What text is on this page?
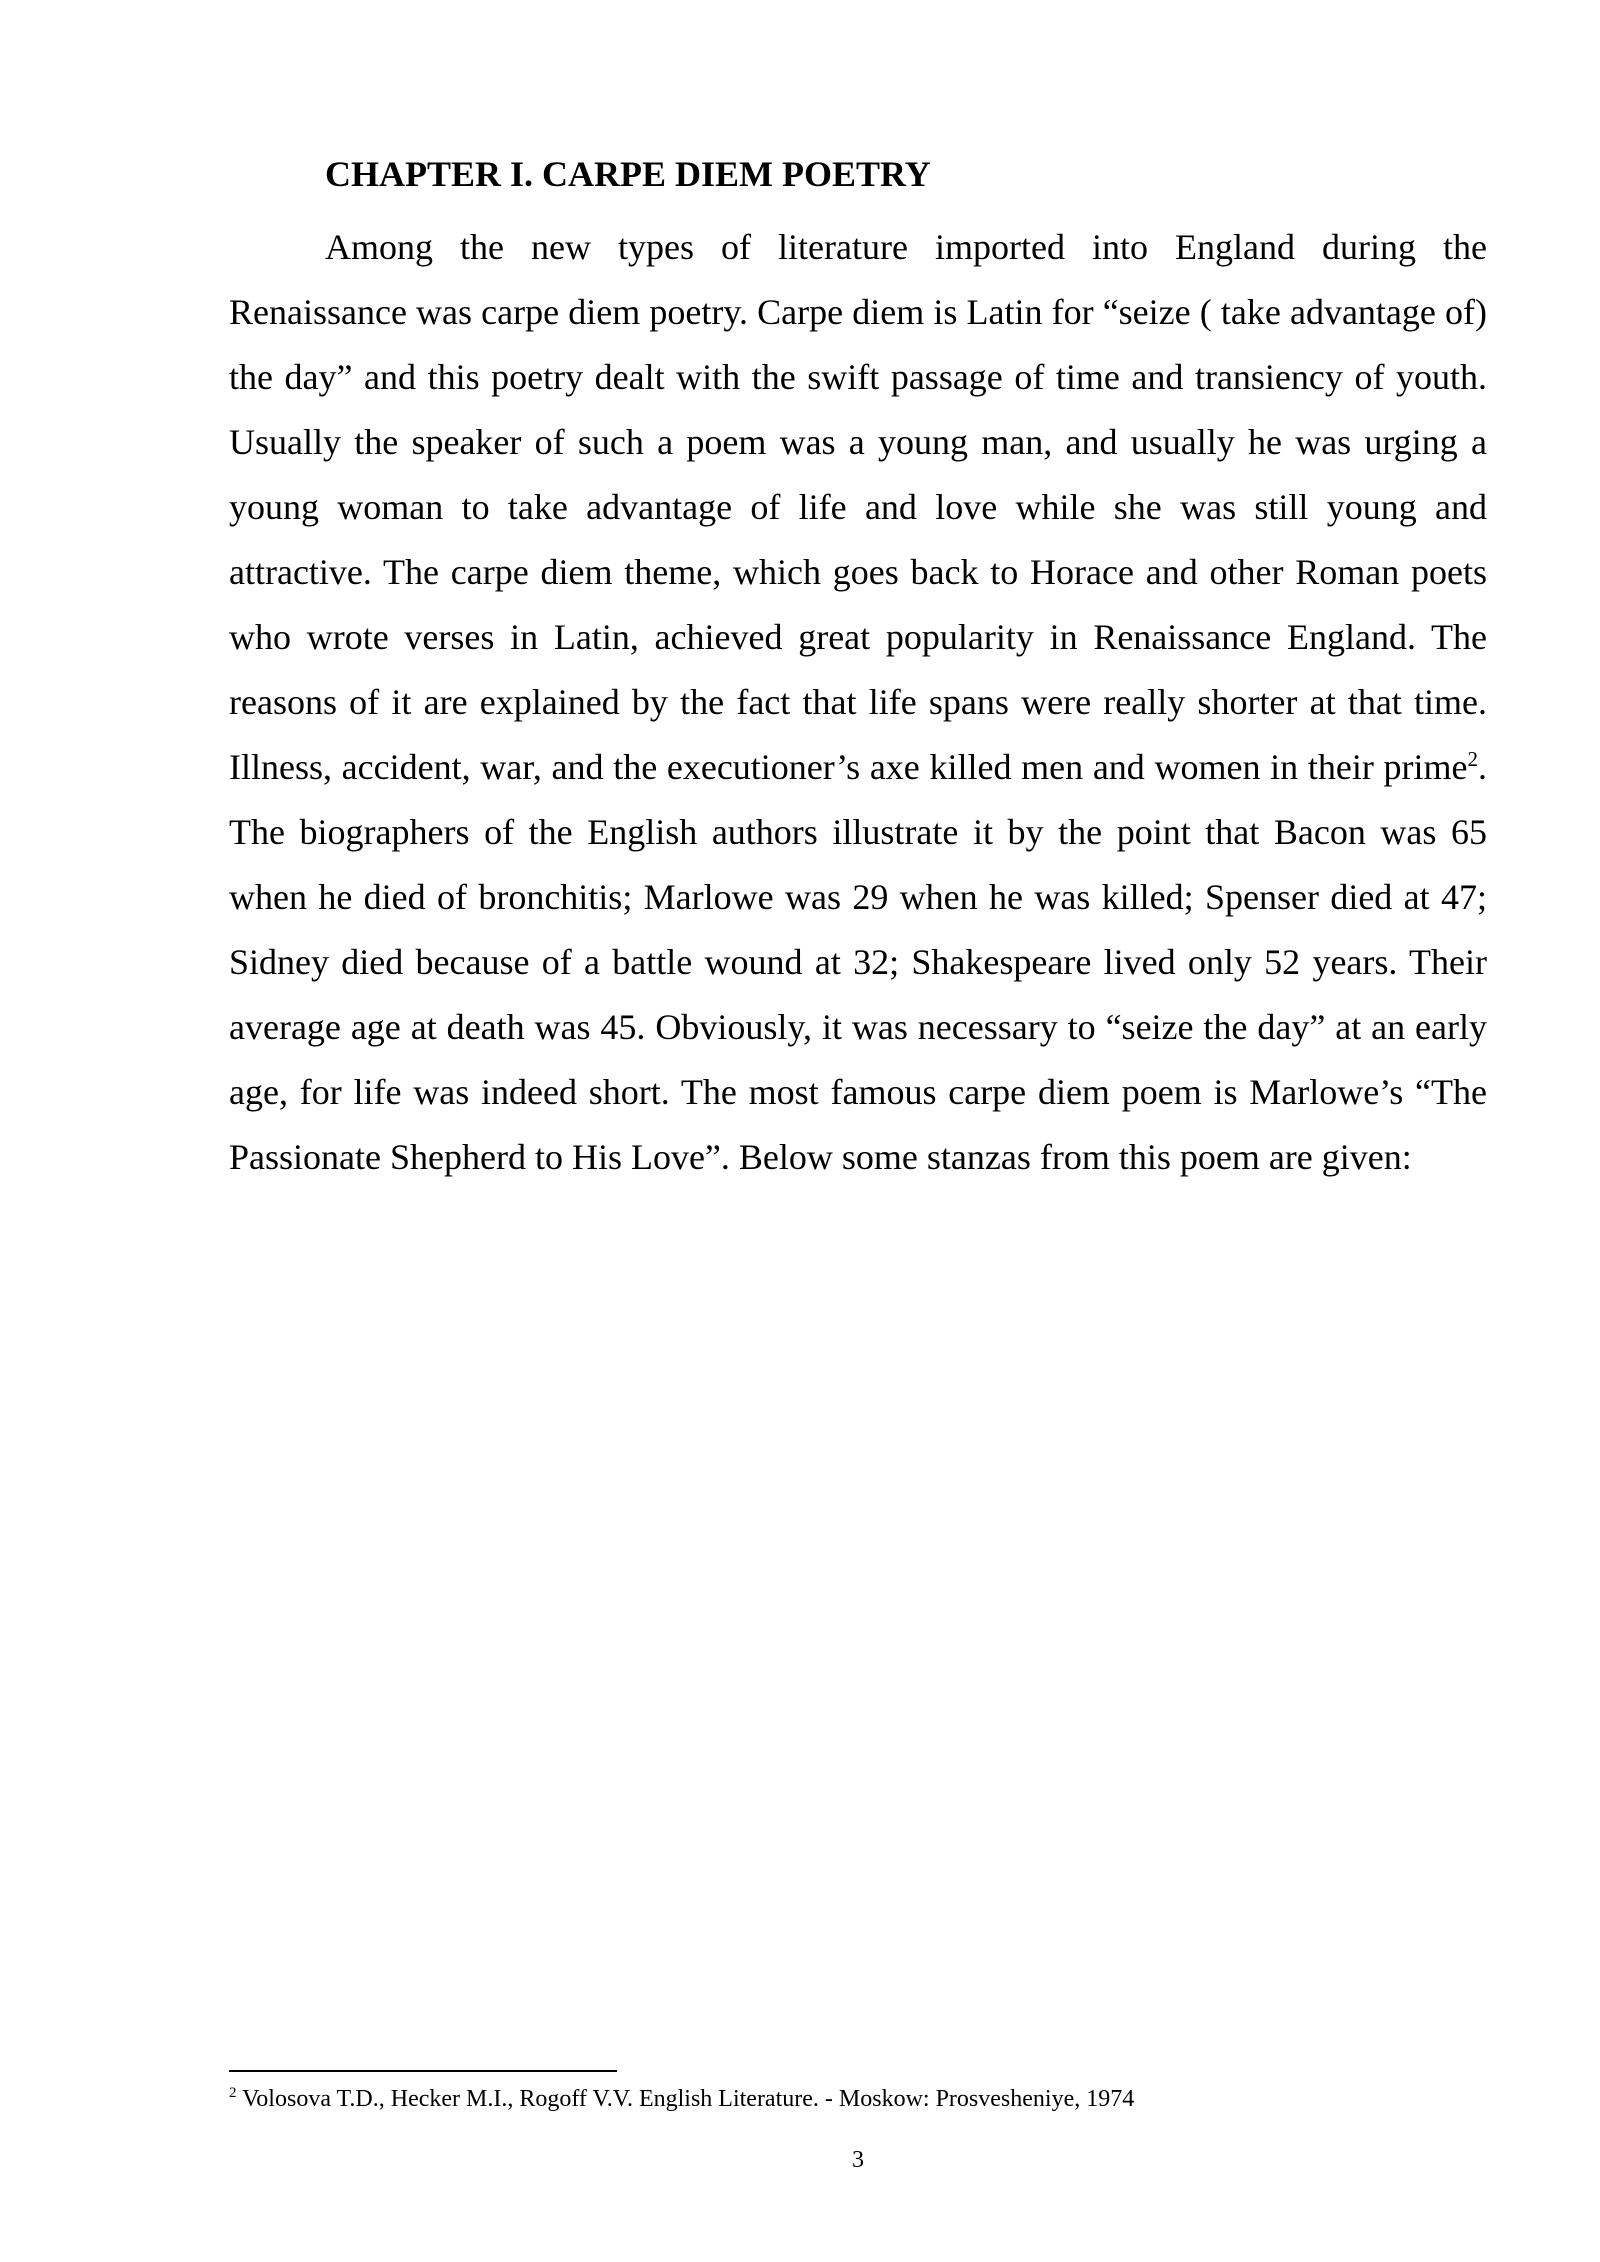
CHAPTER I. CARPE DIEM POETRY

Among the new types of literature imported into England during the Renaissance was carpe diem poetry. Carpe diem is Latin for “seize ( take advantage of) the day” and this poetry dealt with the swift passage of time and transiency of youth. Usually the speaker of such a poem was a young man, and usually he was urging a young woman to take advantage of life and love while she was still young and attractive. The carpe diem theme, which goes back to Horace and other Roman poets who wrote verses in Latin, achieved great popularity in Renaissance England. The reasons of it are explained by the fact that life spans were really shorter at that time. Illness, accident, war, and the executioner’s axe killed men and women in their prime$^2$. The biographers of the English authors illustrate it by the point that Bacon was 65 when he died of bronchitis; Marlowe was 29 when he was killed; Spenser died at 47; Sidney died because of a battle wound at 32; Shakespeare lived only 52 years. Their average age at death was 45. Obviously, it was necessary to “seize the day” at an early age, for life was indeed short. The most famous carpe diem poem is Marlowe’s “The Passionate Shepherd to His Love”. Below some stanzas from this poem are given:

$^2$ Volosova T.D., Hecker M.I., Rogoff V.V. English Literature. - Moskow: Prosvesheniye, 1974

3
